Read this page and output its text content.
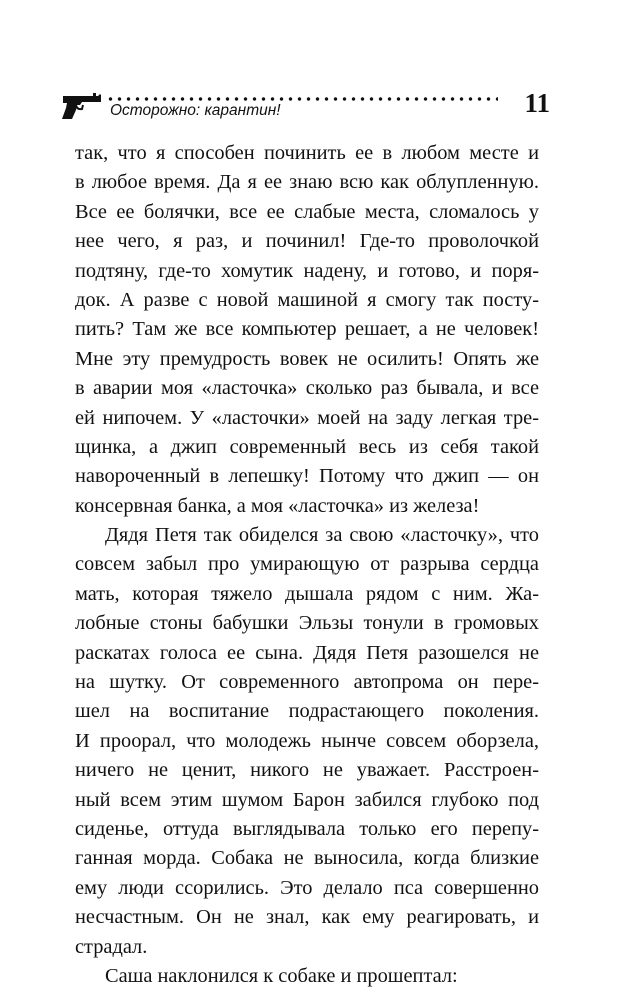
Осторожно: карантин!	11
так, что я способен починить ее в любом месте и
в любое время. Да я ее знаю всю как облупленную.
Все ее болячки, все ее слабые места, сломалось у
нее чего, я раз, и починил! Где-то проволочкой
подтяну, где-то хомутик надену, и готово, и поря-
док. А разве с новой машиной я смогу так посту-
пить? Там же все компьютер решает, а не человек!
Мне эту премудрость вовек не осилить! Опять же
в аварии моя «ласточка» сколько раз бывала, и все
ей нипочем. У «ласточки» моей на заду легкая тре-
щинка, а джип современный весь из себя такой
навороченный в лепешку! Потому что джип — он
консервная банка, а моя «ласточка» из железа!
Дядя Петя так обиделся за свою «ласточку», что
совсем забыл про умирающую от разрыва сердца
мать, которая тяжело дышала рядом с ним. Жа-
лобные стоны бабушки Эльзы тонули в громовых
раскатах голоса ее сына. Дядя Петя разошелся не
на шутку. От современного автопрома он пере-
шел на воспитание подрастающего поколения.
И проорал, что молодежь нынче совсем оборзела,
ничего не ценит, никого не уважает. Расстроен-
ный всем этим шумом Барон забился глубоко под
сиденье, оттуда выглядывала только его перепу-
ганная морда. Собака не выносила, когда близкие
ему люди ссорились. Это делало пса совершенно
несчастным. Он не знал, как ему реагировать, и
страдал.
Саша наклонился к собаке и прошептал:
